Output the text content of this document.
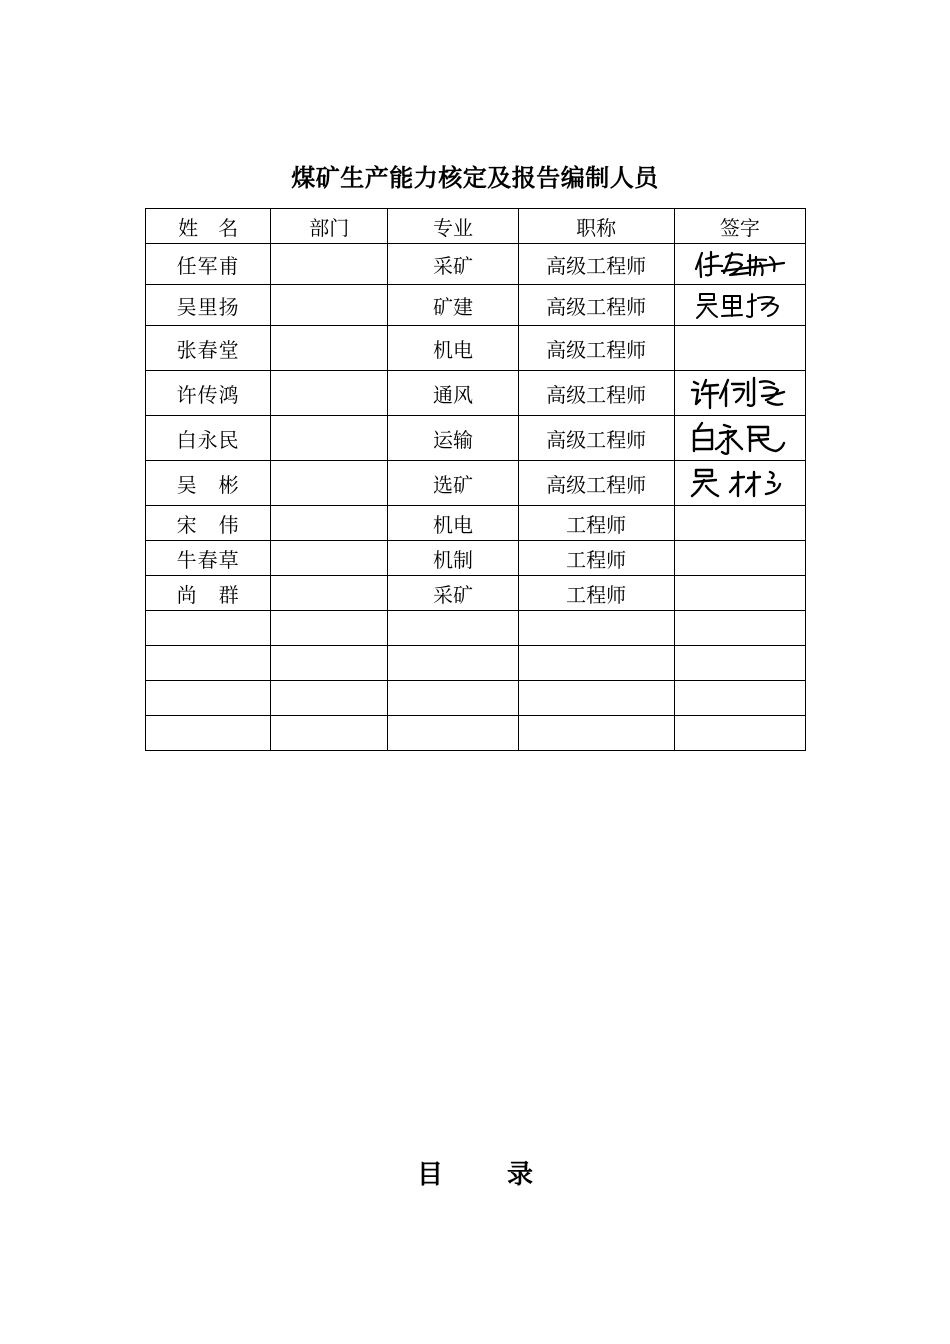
煤矿生产能力核定及报告编制人员
姓　名	部门	专业	职称	签字
任军甫		采矿	高级工程师	

吴里扬		矿建	高级工程师	

张春堂		机电	高级工程师	
许传鸿		通风	高级工程师	

白永民		运输	高级工程师	

吴　彬		选矿	高级工程师	

宋　伟		机电	工程师	
牛春草		机制	工程师	
尚　群		采矿	工程师	

目 录
